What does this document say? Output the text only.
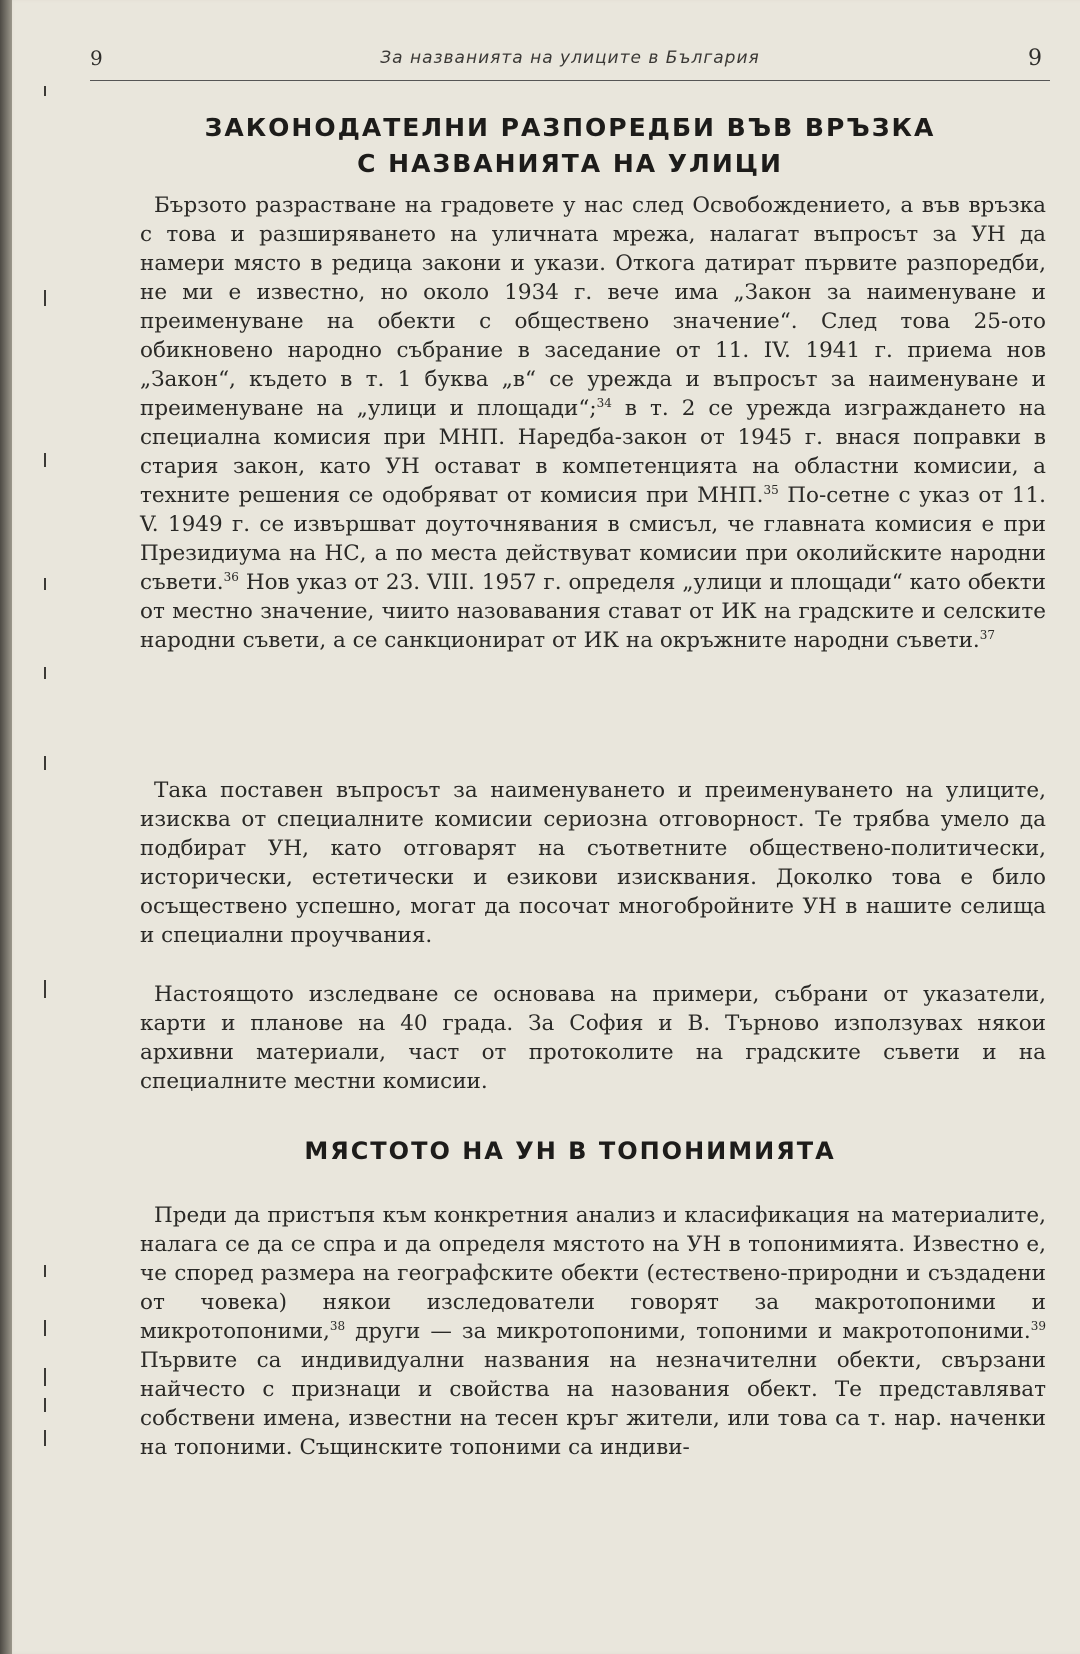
9	За названията на улиците в България	9
ЗАКОНОДАТЕЛНИ РАЗПОРЕДБИ ВЪВ ВРЪЗКА
С НАЗВАНИЯТА НА УЛИЦИ

Бързото разрастване на градовете у нас след Освобождението, а във връзка с това и разширяването на уличната мрежа, налагат въпросът за УН да намери място в редица закони и укази. Откога датират първите разпоредби, не ми е известно, но около 1934 г. вече има „Закон за наименуване и преименуване на обекти с обществено значение“. След това 25-ото обикновено народно събрание в заседание от 11. IV. 1941 г. приема нов „Закон“, където в т. 1 буква „в“ се урежда и въпросът за наименуване и преименуване на „улици и площади“;$^{34}$ в т. 2 се урежда изграждането на специална комисия при МНП. Наредба-закон от 1945 г. внася поправки в стария закон, като УН остават в компетенцията на областни комисии, а техните решения се одобряват от комисия при МНП.$^{35}$ По-сетне с указ от 11. V. 1949 г. се извършват доуточнявания в смисъл, че главната комисия е при Президиума на НС, а по места действуват комисии при околийските народни съвети.$^{36}$ Нов указ от 23. VIII. 1957 г. определя „улици и площади“ като обекти от местно значение, чиито назовавания стават от ИК на градските и селските народни съвети, а се санкционират от ИК на окръжните народни съвети.$^{37}$

Така поставен въпросът за наименуването и преименуването на улиците, изисква от специалните комисии сериозна отговорност. Те трябва умело да подбират УН, като отговарят на съответните обществено-политически, исторически, естетически и езикови изисквания. Доколко това е било осъществено успешно, могат да посочат многобройните УН в нашите селища и специални проучвания.

Настоящото изследване се основава на примери, събрани от указатели, карти и планове на 40 града. За София и В. Търново използувах някои архивни материали, част от протоколите на градските съвети и на специалните местни комисии.

МЯСТОТО НА УН В ТОПОНИМИЯТА

Преди да пристъпя към конкретния анализ и класификация на материалите, налага се да се спра и да определя мястото на УН в топонимията. Известно е, че според размера на географските обекти (естествено-природни и създадени от човека) някои изследователи говорят за макротопоними и микротопоними,$^{38}$ други — за микротопоними, топоними и макротопоними.$^{39}$ Първите са индивидуални названия на незначителни обекти, свързани найчесто с признаци и свойства на назования обект. Те представляват собствени имена, известни на тесен кръг жители, или това са т. нар. наченки на топоними. Същинските топоними са индиви-
